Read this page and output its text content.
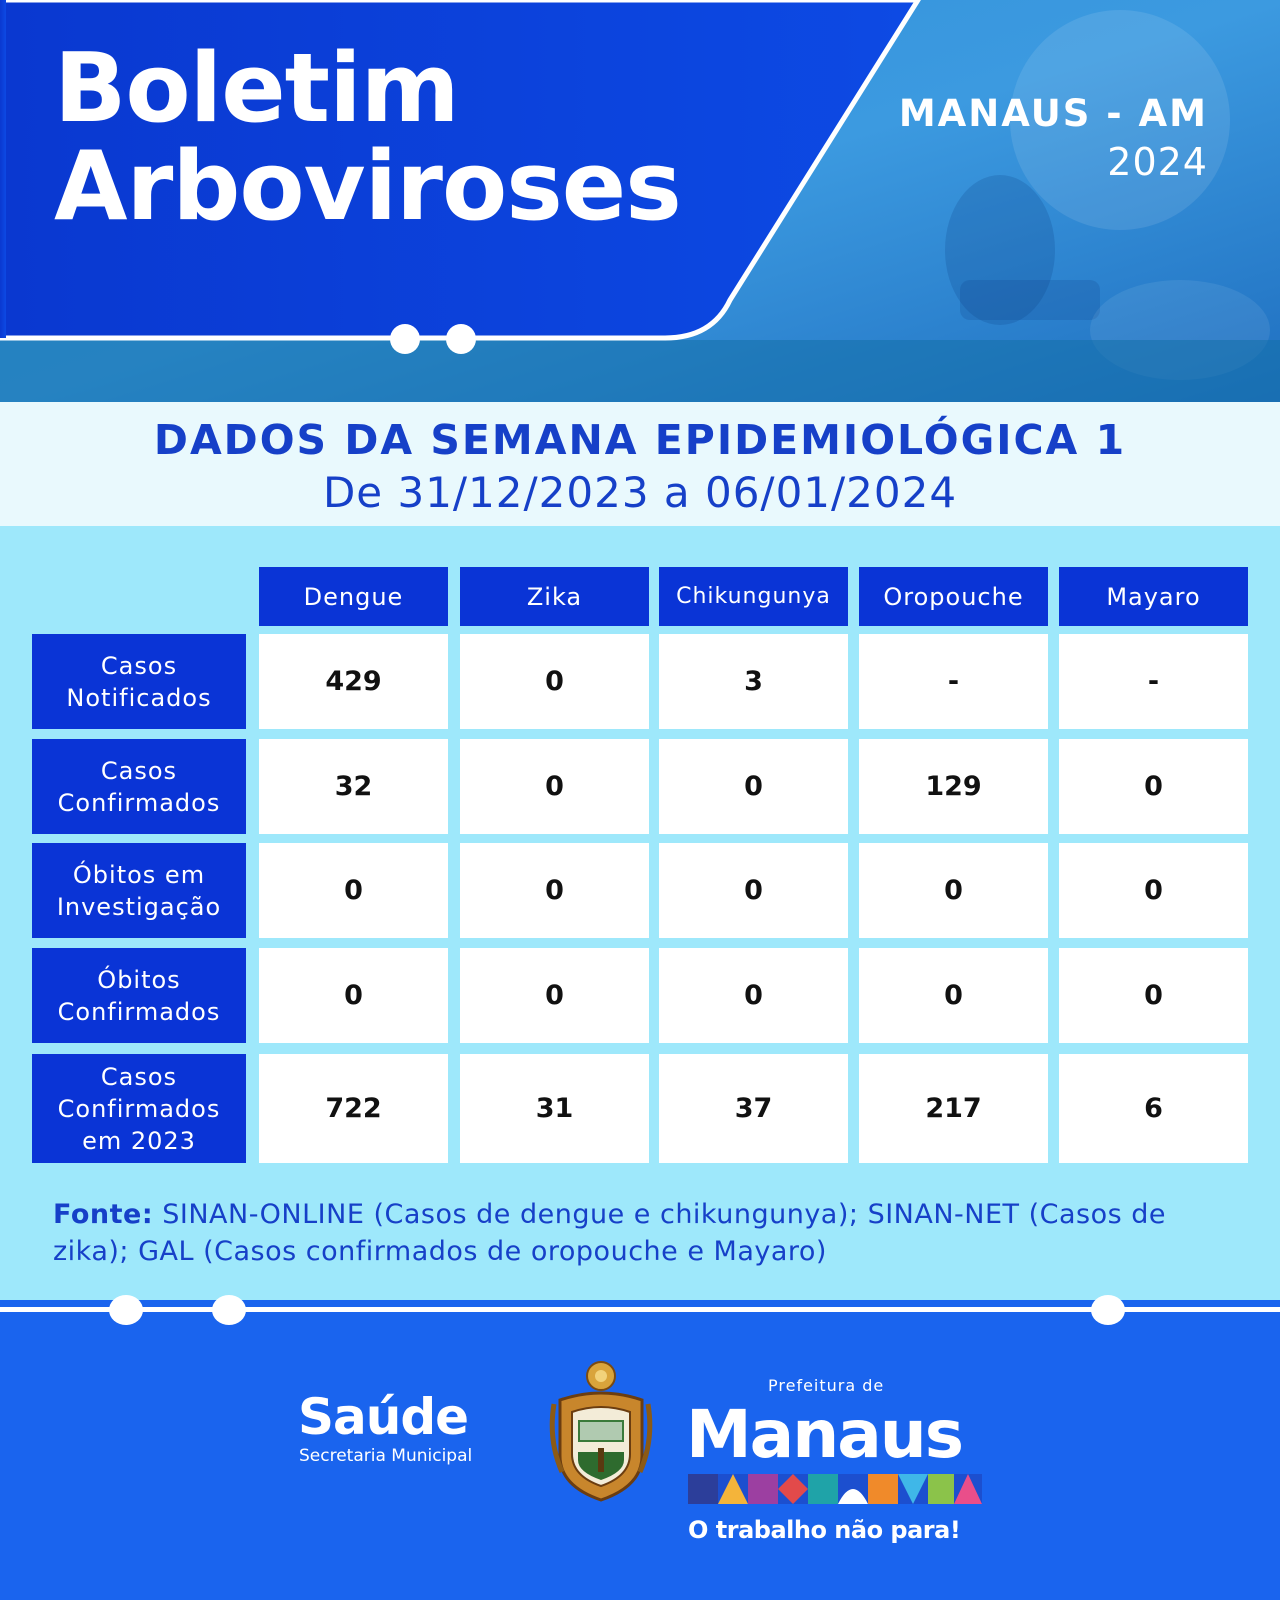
Boletim
Arboviroses
MANAUS - AM
2024
DADOS DA SEMANA EPIDEMIOLÓGICA 1
De 31/12/2023 a 06/01/2024
Dengue	Zika	Chikungunya	Oropouche	Mayaro
Casos
Notificados
429	0	3	-	-
Casos
Confirmados
32	0	0	129	0
Óbitos em
Investigação
0	0	0	0	0
Óbitos
Confirmados
0	0	0	0	0
Casos
Confirmados
em 2023
722	31	37	217	6

Fonte: SINAN-ONLINE (Casos de dengue e chikungunya); SINAN-NET (Casos de zika); GAL (Casos confirmados de oropouche e Mayaro)

Saúde
Secretaria Municipal
Prefeitura de
Manaus
O trabalho não para!
